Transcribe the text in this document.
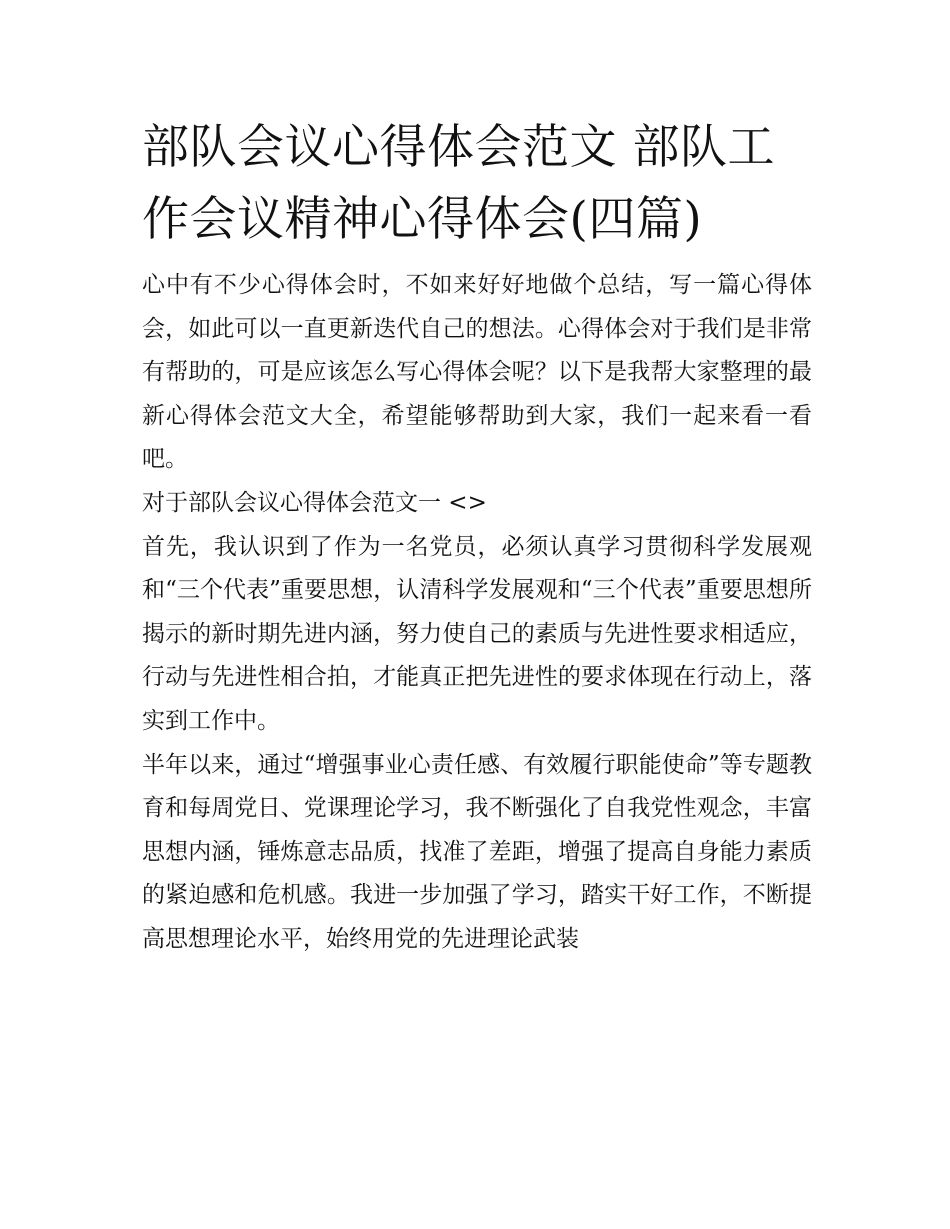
部队会议心得体会范文 部队工
作会议精神心得体会(四篇)

心中有不少心得体会时，不如来好好地做个总结，写一篇心得体会，如此可以一直更新迭代自己的想法。心得体会对于我们是非常有帮助的，可是应该怎么写心得体会呢？以下是我帮大家整理的最新心得体会范文大全，希望能够帮助到大家，我们一起来看一看吧。

对于部队会议心得体会范文一 <>

首先，我认识到了作为一名党员，必须认真学习贯彻科学发展观和“三个代表”重要思想，认清科学发展观和“三个代表”重要思想所揭示的新时期先进内涵，努力使自己的素质与先进性要求相适应，行动与先进性相合拍，才能真正把先进性的要求体现在行动上，落实到工作中。

半年以来，通过“增强事业心责任感、有效履行职能使命”等专题教育和每周党日、党课理论学习，我不断强化了自我党性观念，丰富思想内涵，锤炼意志品质，找准了差距，增强了提高自身能力素质的紧迫感和危机感。我进一步加强了学习，踏实干好工作，不断提高思想理论水平，始终用党的先进理论武装
